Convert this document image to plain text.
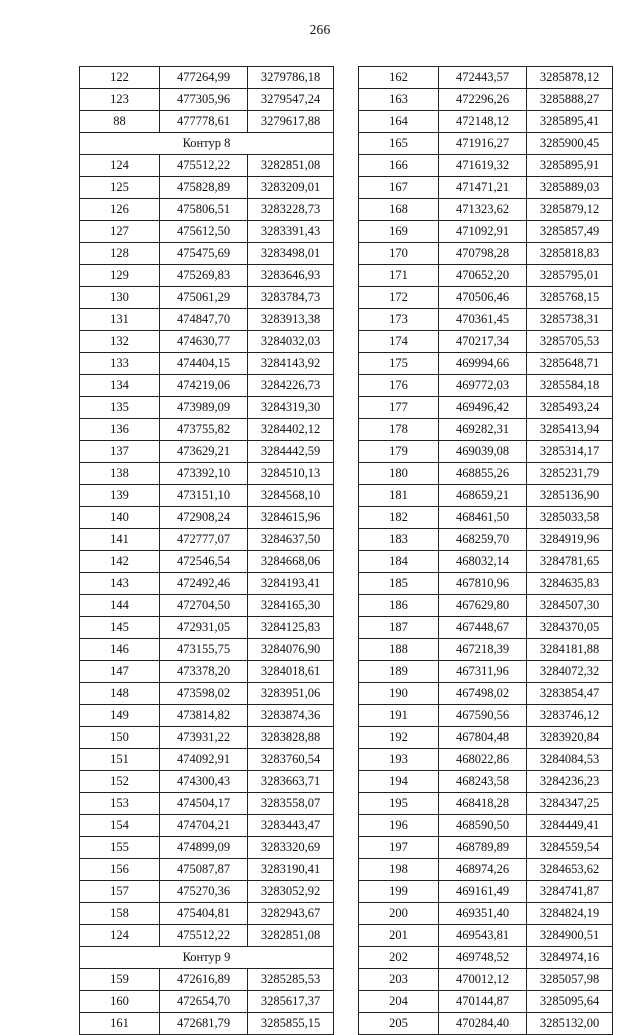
266
122	477264,99	3279786,18
123	477305,96	3279547,24
88	477778,61	3279617,88
Контур 8		
124	475512,22	3282851,08
125	475828,89	3283209,01
126	475806,51	3283228,73
127	475612,50	3283391,43
128	475475,69	3283498,01
129	475269,83	3283646,93
130	475061,29	3283784,73
131	474847,70	3283913,38
132	474630,77	3284032,03
133	474404,15	3284143,92
134	474219,06	3284226,73
135	473989,09	3284319,30
136	473755,82	3284402,12
137	473629,21	3284442,59
138	473392,10	3284510,13
139	473151,10	3284568,10
140	472908,24	3284615,96
141	472777,07	3284637,50
142	472546,54	3284668,06
143	472492,46	3284193,41
144	472704,50	3284165,30
145	472931,05	3284125,83
146	473155,75	3284076,90
147	473378,20	3284018,61
148	473598,02	3283951,06
149	473814,82	3283874,36
150	473931,22	3283828,88
151	474092,91	3283760,54
152	474300,43	3283663,71
153	474504,17	3283558,07
154	474704,21	3283443,47
155	474899,09	3283320,69
156	475087,87	3283190,41
157	475270,36	3283052,92
158	475404,81	3282943,67
124	475512,22	3282851,08
Контур 9		
159	472616,89	3285285,53
160	472654,70	3285617,37
161	472681,79	3285855,15
162	472443,57	3285878,12
163	472296,26	3285888,27
164	472148,12	3285895,41
165	471916,27	3285900,45
166	471619,32	3285895,91
167	471471,21	3285889,03
168	471323,62	3285879,12
169	471092,91	3285857,49
170	470798,28	3285818,83
171	470652,20	3285795,01
172	470506,46	3285768,15
173	470361,45	3285738,31
174	470217,34	3285705,53
175	469994,66	3285648,71
176	469772,03	3285584,18
177	469496,42	3285493,24
178	469282,31	3285413,94
179	469039,08	3285314,17
180	468855,26	3285231,79
181	468659,21	3285136,90
182	468461,50	3285033,58
183	468259,70	3284919,96
184	468032,14	3284781,65
185	467810,96	3284635,83
186	467629,80	3284507,30
187	467448,67	3284370,05
188	467218,39	3284181,88
189	467311,96	3284072,32
190	467498,02	3283854,47
191	467590,56	3283746,12
192	467804,48	3283920,84
193	468022,86	3284084,53
194	468243,58	3284236,23
195	468418,28	3284347,25
196	468590,50	3284449,41
197	468789,89	3284559,54
198	468974,26	3284653,62
199	469161,49	3284741,87
200	469351,40	3284824,19
201	469543,81	3284900,51
202	469748,52	3284974,16
203	470012,12	3285057,98
204	470144,87	3285095,64
205	470284,40	3285132,00
